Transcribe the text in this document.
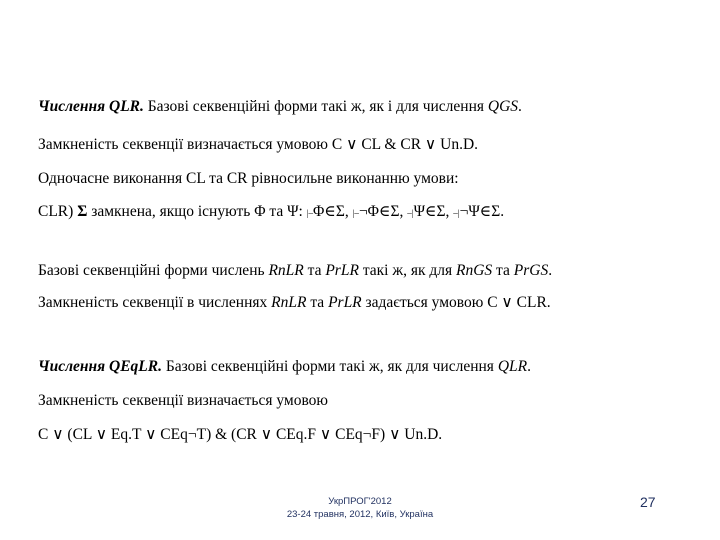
Числення QLR. Базові секвенційні форми такі ж, як і для числення QGS.
Замкненість секвенції визначається умовою C ∨ CL & CR ∨ Un.D.
Одночасне виконання CL та CR рівносильне виконанню умови:
CLR) Σ замкнена, якщо існують Φ та Ψ: |–Φ∈Σ, |–¬Φ∈Σ, –|Ψ∈Σ, –|¬Ψ∈Σ.
Базові секвенційні форми числень RnLR та PrLR такі ж, як для RnGS та PrGS.
Замкненість секвенції в численнях RnLR та PrLR задається умовою C ∨ CLR.
Числення QEqLR. Базові секвенційні форми такі ж, як для числення QLR.
Замкненість секвенції визначається умовою
C ∨ (CL ∨ Eq.T ∨ CEq¬T) & (CR ∨ CEq.F ∨ CEq¬F) ∨ Un.D.
УкрПРОГ'2012
23-24 травня, 2012, Київ, Україна
27
